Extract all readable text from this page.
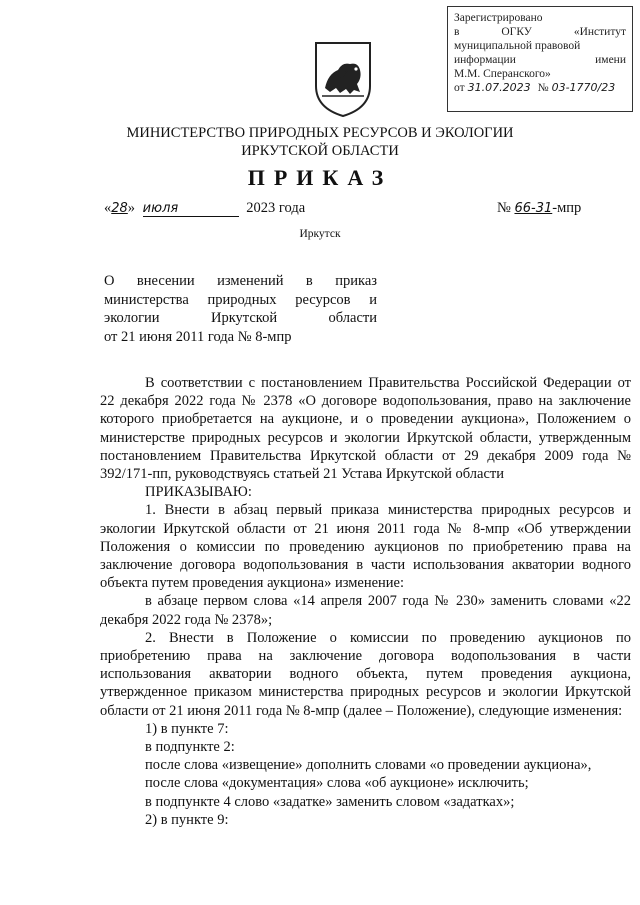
Зарегистрировано
в	ОГКУ	«Институт
муниципальной правовой
информации	имени
М.М. Сперанского»
от 31.07.2023 № 03-1770/23
МИНИСТЕРСТВО ПРИРОДНЫХ РЕСУРСОВ И ЭКОЛОГИИ
ИРКУТСКОЙ ОБЛАСТИ
ПРИКАЗ
«28» июля	2023 года	№ 66-31-мпр
Иркутск
О внесении изменений в приказ
министерства природных ресурсов и
экологии Иркутской области
от 21 июня 2011 года № 8-мпр

В соответствии с постановлением Правительства Российской Федерации от 22 декабря 2022 года № 2378 «О договоре водопользования, право на заключение которого приобретается на аукционе, и о проведении аукциона», Положением о министерстве природных ресурсов и экологии Иркутской области, утвержденным постановлением Правительства Иркутской области от 29 декабря 2009 года № 392/171-пп, руководствуясь статьей 21 Устава Иркутской области

ПРИКАЗЫВАЮ:

1. Внести в абзац первый приказа министерства природных ресурсов и экологии Иркутской области от 21 июня 2011 года № 8-мпр «Об утверждении Положения о комиссии по проведению аукционов по приобретению права на заключение договора водопользования в части использования акватории водного объекта путем проведения аукциона» изменение:

в абзаце первом слова «14 апреля 2007 года № 230» заменить словами «22 декабря 2022 года № 2378»;

2. Внести в Положение о комиссии по проведению аукционов по приобретению права на заключение договора водопользования в части использования акватории водного объекта, путем проведения аукциона, утвержденное приказом министерства природных ресурсов и экологии Иркутской области от 21 июня 2011 года № 8-мпр (далее – Положение), следующие изменения:

1) в пункте 7:

в подпункте 2:

после слова «извещение» дополнить словами «о проведении аукциона»,

после слова «документация» слова «об аукционе» исключить;

в подпункте 4 слово «задатке» заменить словом «задатках»;

2) в пункте 9:
